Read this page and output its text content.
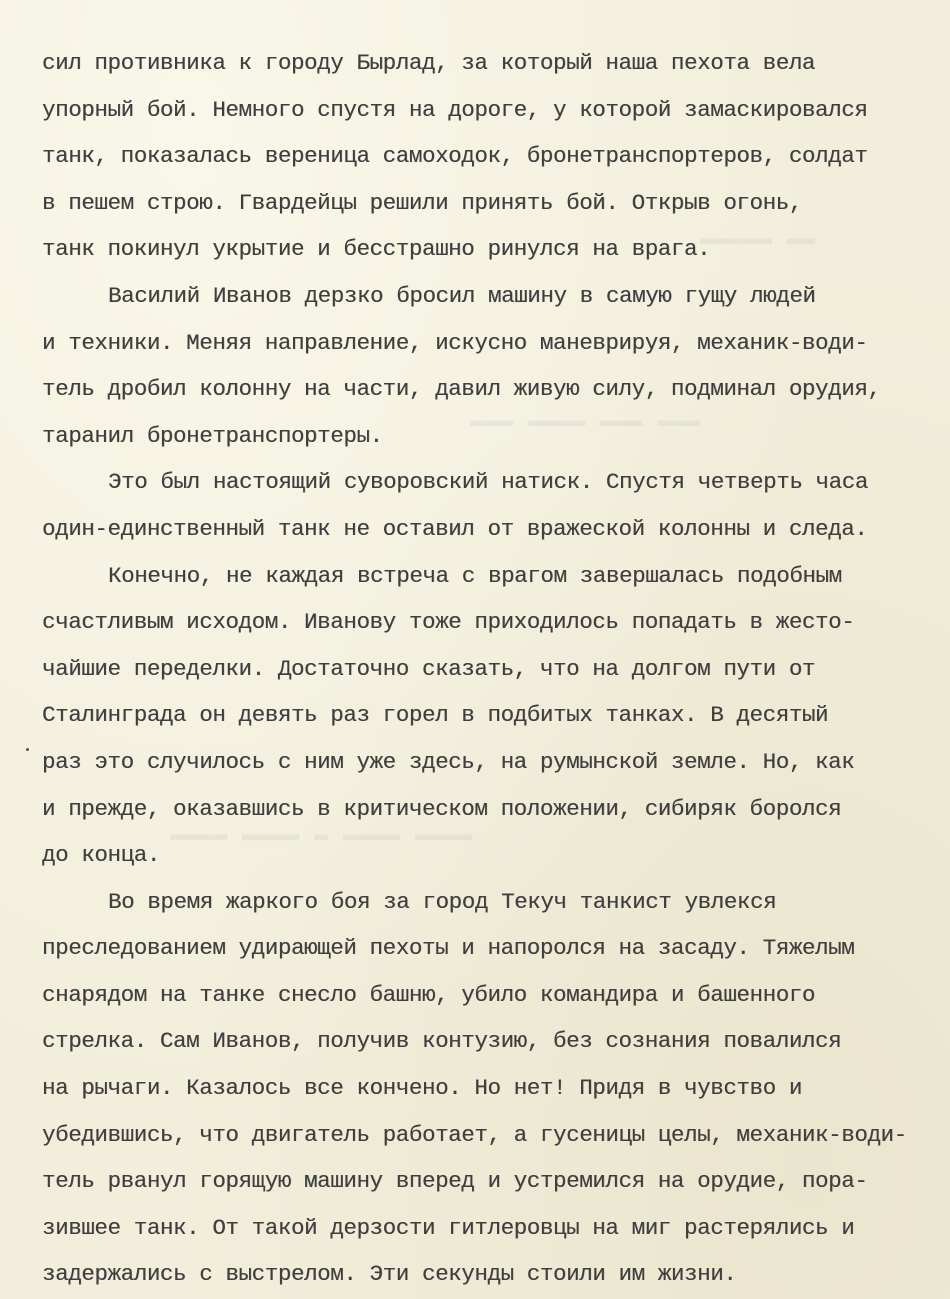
▬▬▬▬▬ ▬▬
▬▬▬ ▬▬▬▬ ▬▬▬ ▬▬▬
▬▬▬▬ ▬▬▬▬ ▬ ▬▬▬▬ ▬▬▬▬
сил противника к городу Бырлад, за который наша пехота вела
упорный бой. Немного спустя на дороге, у которой замаскировался
танк, показалась вереница самоходок, бронетранспортеров, солдат
в пешем строю. Гвардейцы решили принять бой. Открыв огонь,
танк покинул укрытие и бесстрашно ринулся на врага.
Василий Иванов дерзко бросил машину в самую гущу людей
и техники. Меняя направление, искусно маневрируя, механик-води-
тель дробил колонну на части, давил живую силу, подминал орудия,
таранил бронетранспортеры.
Это был настоящий суворовский натиск. Спустя четверть часа
один-единственный танк не оставил от вражеской колонны и следа.
Конечно, не каждая встреча с врагом завершалась подобным
счастливым исходом. Иванову тоже приходилось попадать в жесто-
чайшие переделки. Достаточно сказать, что на долгом пути от
Сталинграда он девять раз горел в подбитых танках. В десятый
раз это случилось с ним уже здесь, на румынской земле. Но, как
и прежде, оказавшись в критическом положении, сибиряк боролся
до конца.
Во время жаркого боя за город Текуч танкист увлекся
преследованием удирающей пехоты и напоролся на засаду. Тяжелым
снарядом на танке снесло башню, убило командира и башенного
стрелка. Сам Иванов, получив контузию, без сознания повалился
на рычаги. Казалось все кончено. Но нет! Придя в чувство и
убедившись, что двигатель работает, а гусеницы целы, механик-води-
тель рванул горящую машину вперед и устремился на орудие, пора-
зившее танк. От такой дерзости гитлеровцы на миг растерялись и
задержались с выстрелом. Эти секунды стоили им жизни.
